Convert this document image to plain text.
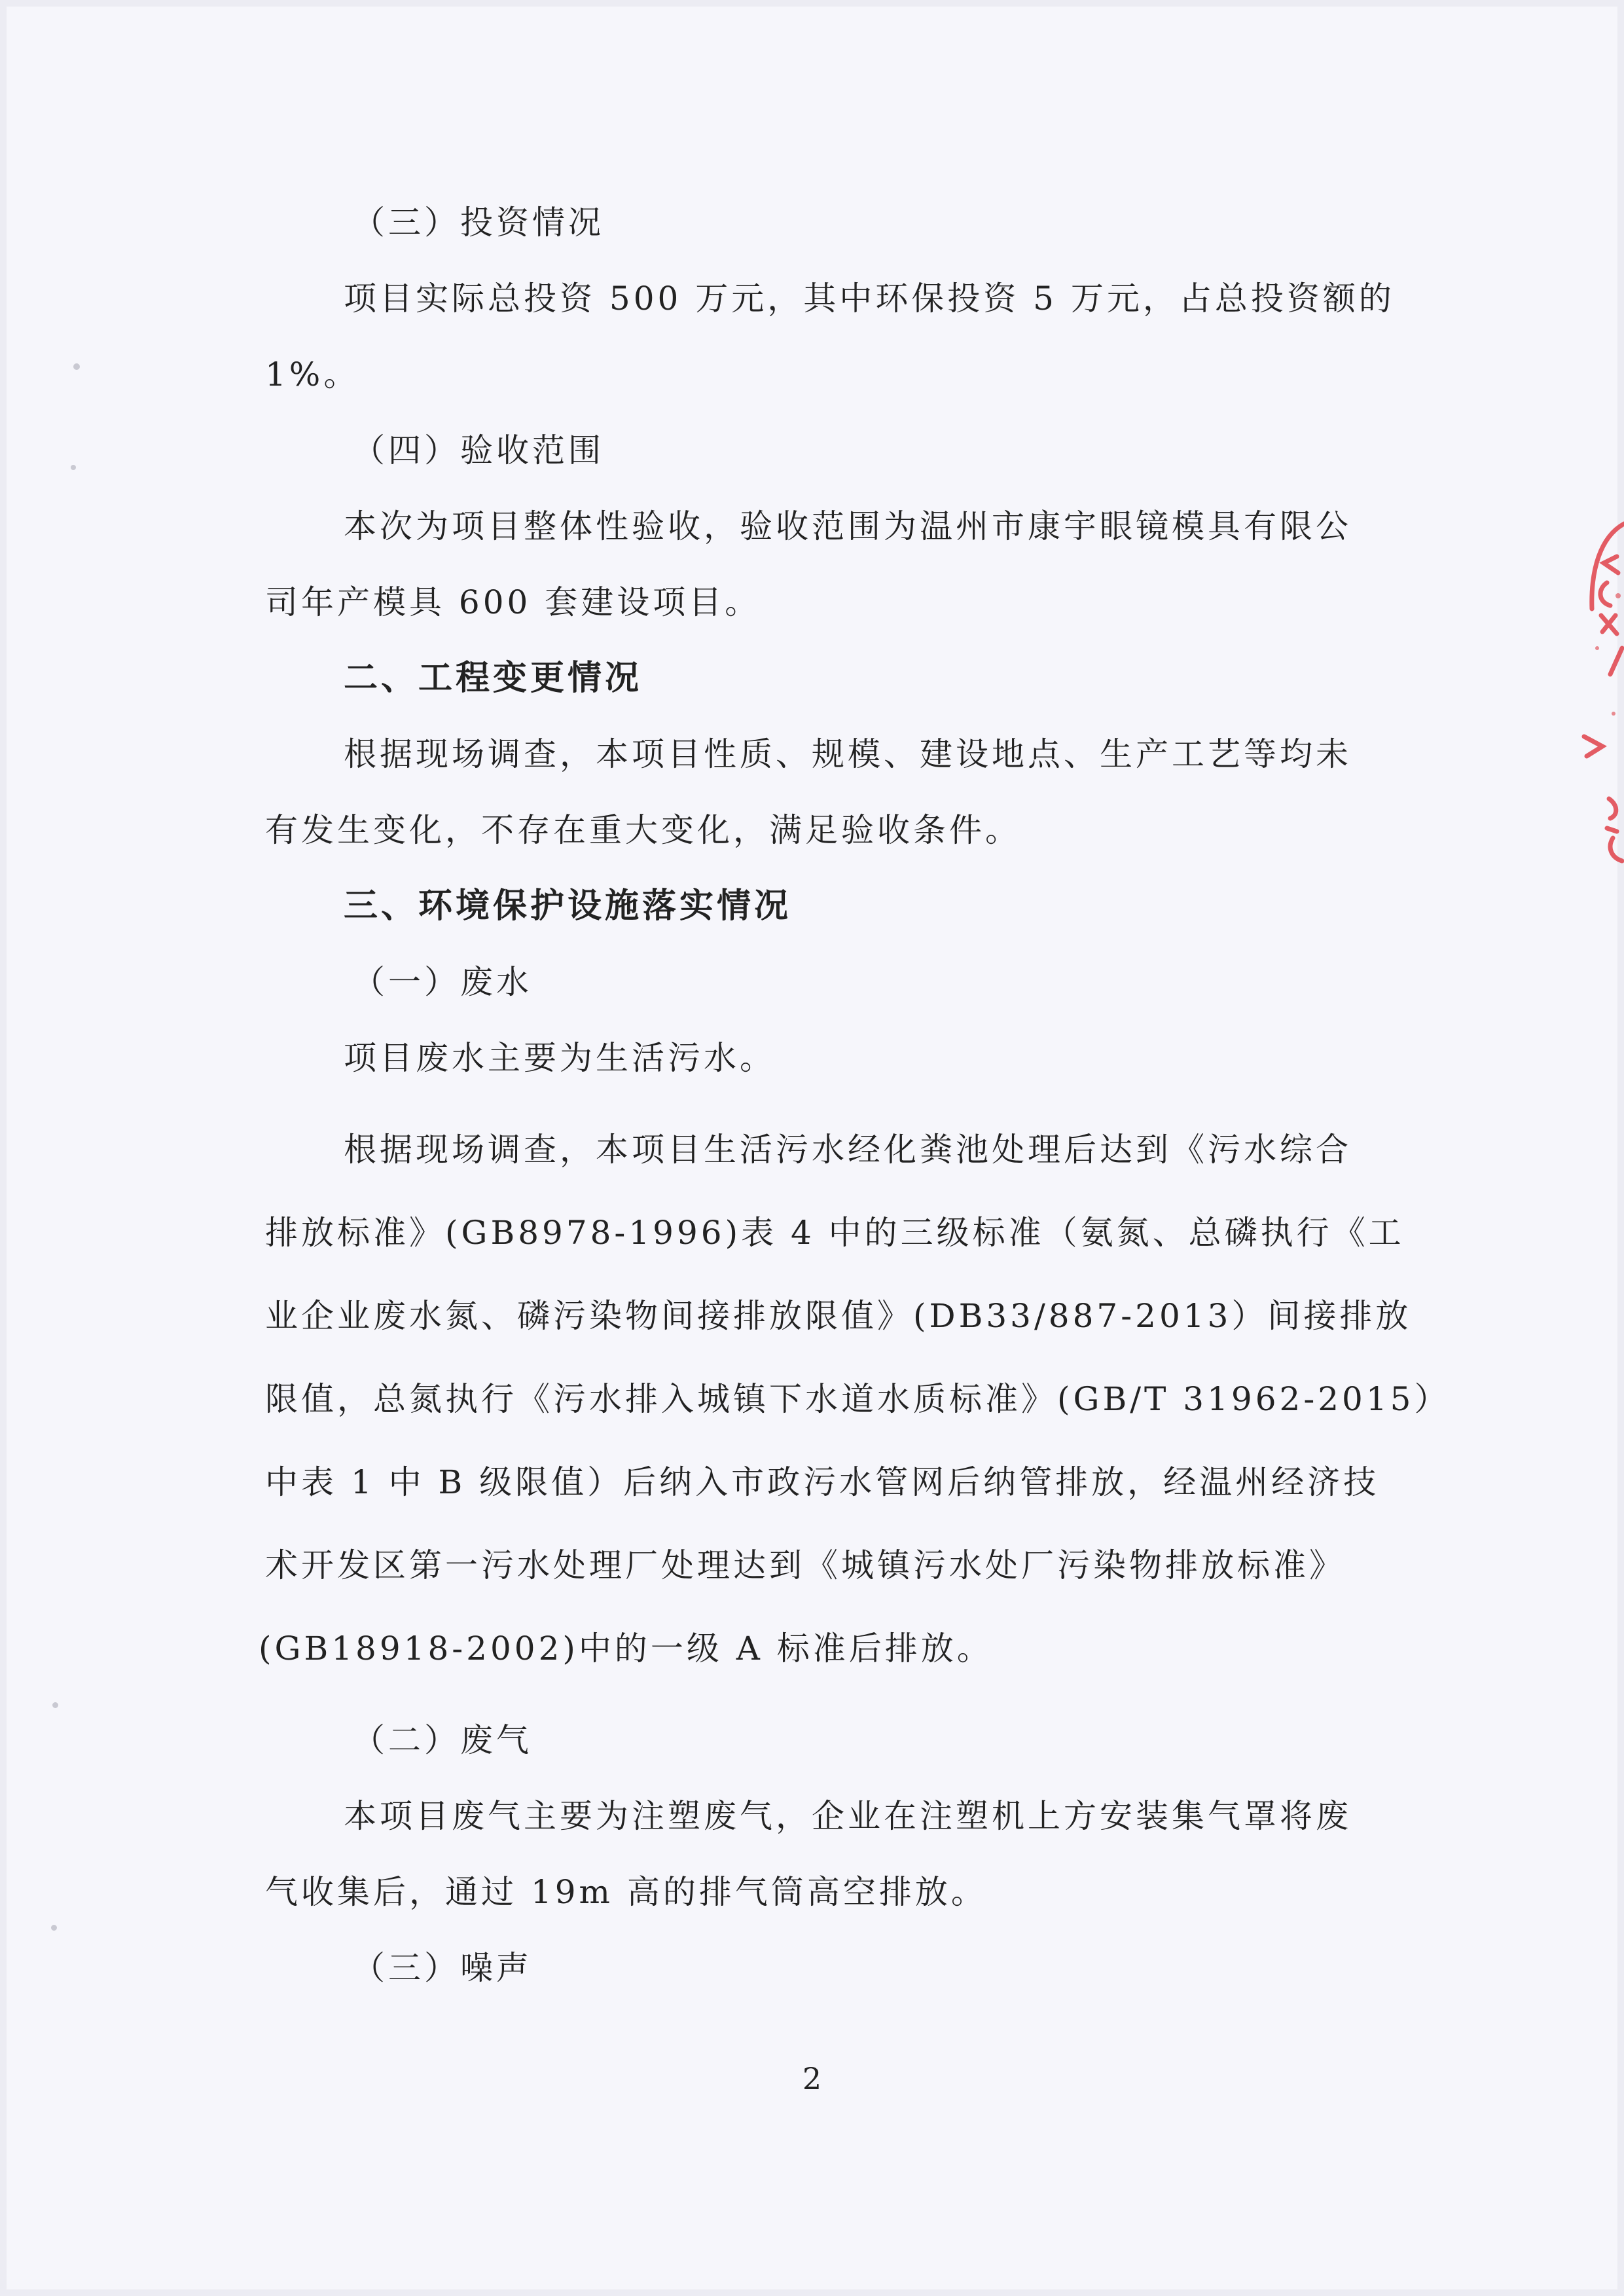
（三）投资情况

项目实际总投资 500 万元，其中环保投资 5 万元，占总投资额的

1%。

（四）验收范围

本次为项目整体性验收，验收范围为温州市康宇眼镜模具有限公

司年产模具 600 套建设项目。

二、工程变更情况

根据现场调查，本项目性质、规模、建设地点、生产工艺等均未

有发生变化，不存在重大变化，满足验收条件。

三、环境保护设施落实情况

（一）废水

项目废水主要为生活污水。

根据现场调查，本项目生活污水经化粪池处理后达到《污水综合

排放标准》(GB8978-1996)表 4 中的三级标准（氨氮、总磷执行《工

业企业废水氮、磷污染物间接排放限值》(DB33/887-2013）间接排放

限值，总氮执行《污水排入城镇下水道水质标准》(GB/T 31962-2015）

中表 1 中 B 级限值）后纳入市政污水管网后纳管排放，经温州经济技

术开发区第一污水处理厂处理达到《城镇污水处厂污染物排放标准》

(GB18918-2002)中的一级 A 标准后排放。

（二）废气

本项目废气主要为注塑废气，企业在注塑机上方安装集气罩将废

气收集后，通过 19m 高的排气筒高空排放。

（三）噪声

2
